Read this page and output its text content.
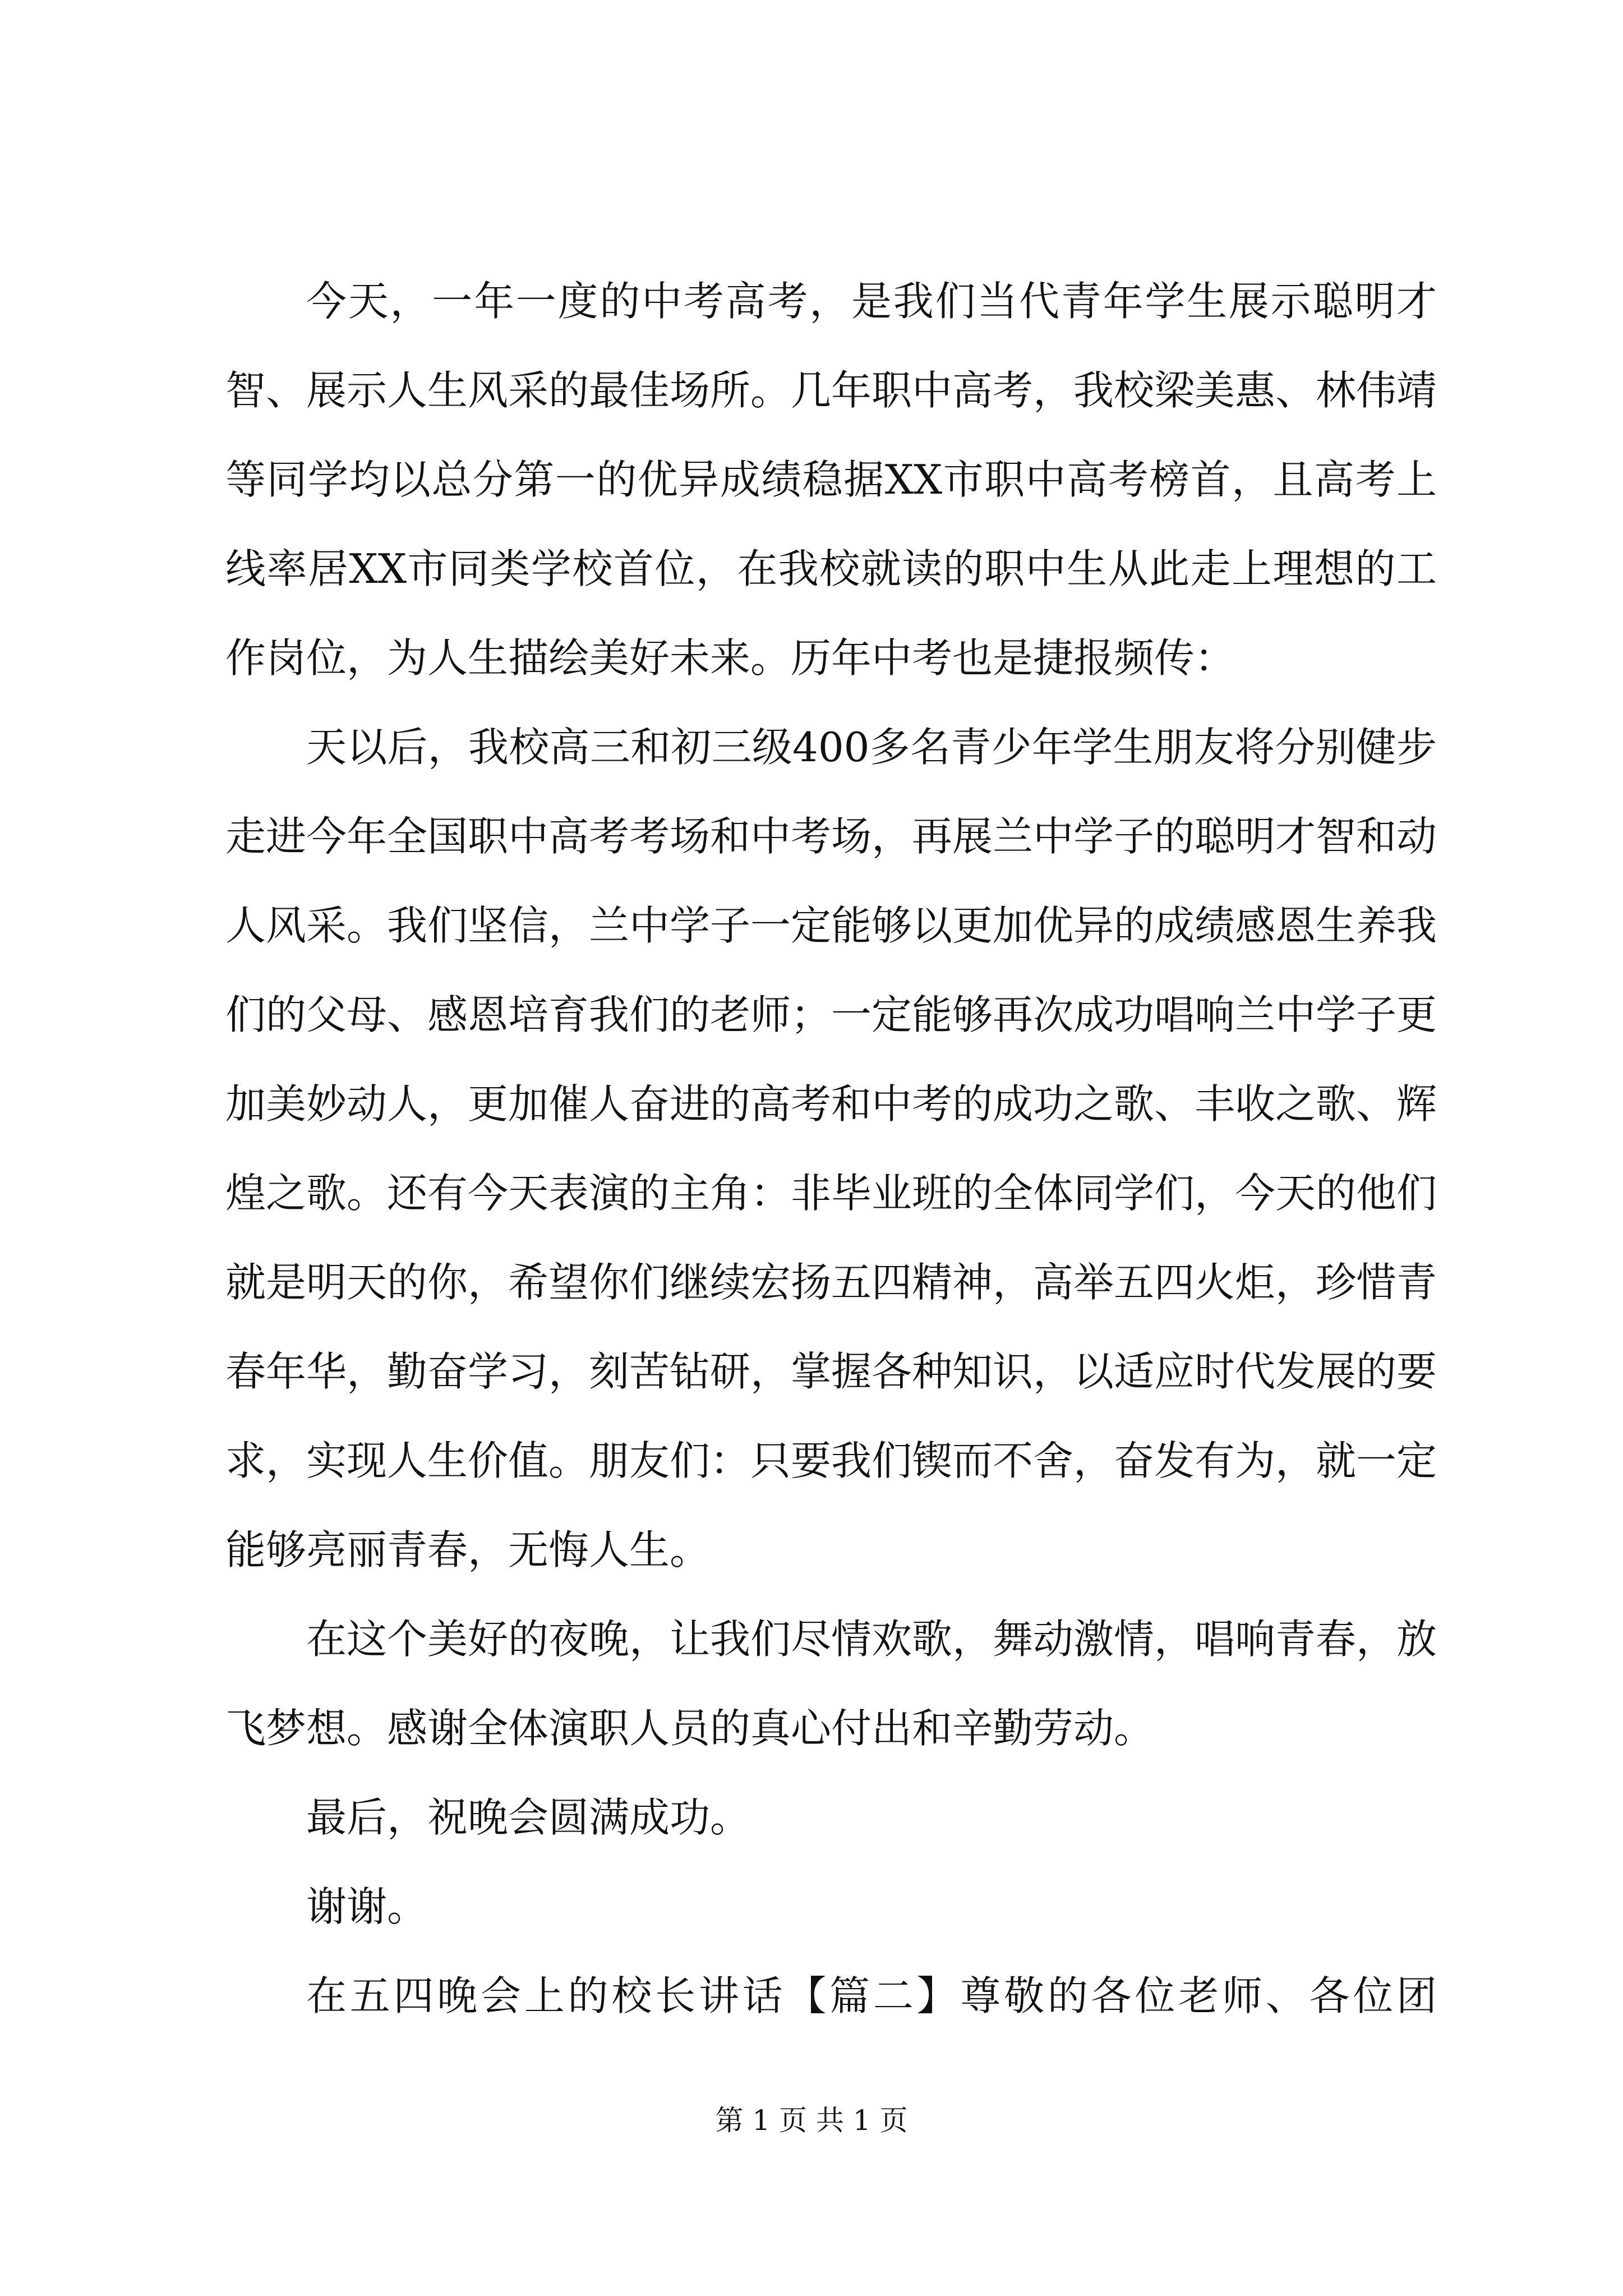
今天，一年一度的中考高考，是我们当代青年学生展示聪明才智、展示人生风采的最佳场所。几年职中高考，我校梁美惠、林伟靖等同学均以总分第一的优异成绩稳据XX市职中高考榜首，且高考上线率居XX市同类学校首位，在我校就读的职中生从此走上理想的工作岗位，为人生描绘美好未来。历年中考也是捷报频传：

天以后，我校高三和初三级400多名青少年学生朋友将分别健步走进今年全国职中高考考场和中考场，再展兰中学子的聪明才智和动人风采。我们坚信，兰中学子一定能够以更加优异的成绩感恩生养我们的父母、感恩培育我们的老师；一定能够再次成功唱响兰中学子更加美妙动人，更加催人奋进的高考和中考的成功之歌、丰收之歌、辉煌之歌。还有今天表演的主角：非毕业班的全体同学们，今天的他们就是明天的你，希望你们继续宏扬五四精神，高举五四火炬，珍惜青春年华，勤奋学习，刻苦钻研，掌握各种知识，以适应时代发展的要求，实现人生价值。朋友们：只要我们锲而不舍，奋发有为，就一定能够亮丽青春，无悔人生。

在这个美好的夜晚，让我们尽情欢歌，舞动激情，唱响青春，放飞梦想。感谢全体演职人员的真心付出和辛勤劳动。

最后，祝晚会圆满成功。

谢谢。

在五四晚会上的校长讲话【篇二】尊敬的各位老师、各位团

第 1 页 共 1 页
